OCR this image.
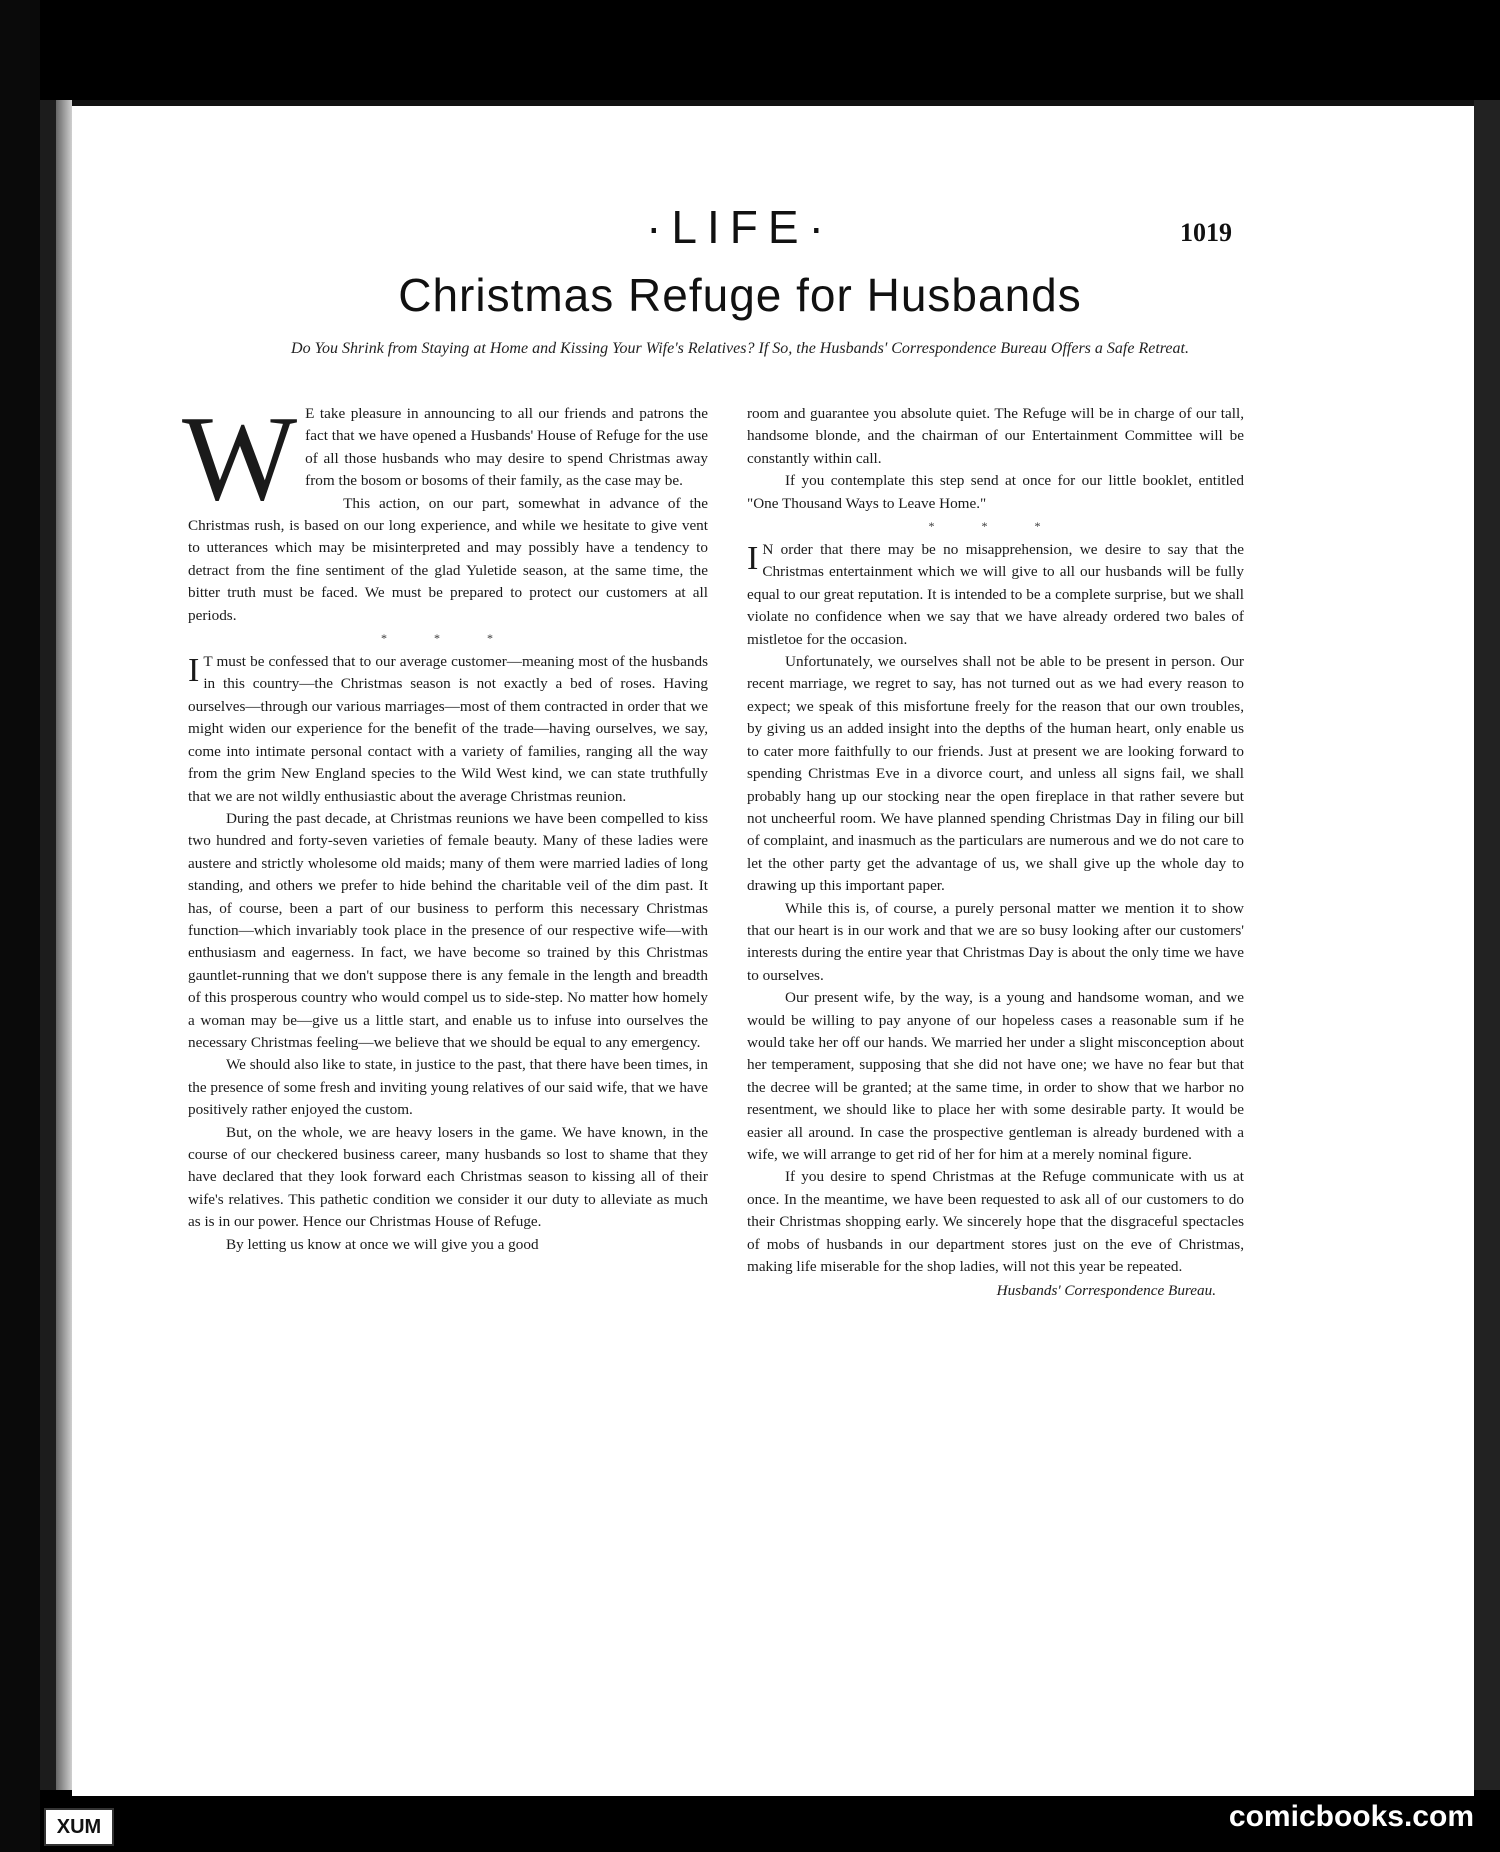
·LIFE·	1019
Christmas Refuge for Husbands
Do You Shrink from Staying at Home and Kissing Your Wife's Relatives? If So, the Husbands' Correspondence Bureau Offers a Safe Retreat.

W E take pleasure in announcing to all our friends and patrons the fact that we have opened a Husbands' House of Refuge for the use of all those husbands who may desire to spend Christmas away from the bosom or bosoms of their family, as the case may be.

This action, on our part, somewhat in advance of the Christmas rush, is based on our long experience, and while we hesitate to give vent to utterances which may be misinterpreted and may possibly have a tendency to detract from the fine sentiment of the glad Yuletide season, at the same time, the bitter truth must be faced. We must be prepared to protect our customers at all periods.

* * *

I T must be confessed that to our average customer—meaning most of the husbands in this country—the Christmas season is not exactly a bed of roses. Having ourselves—through our various marriages—most of them contracted in order that we might widen our experience for the benefit of the trade—having ourselves, we say, come into intimate personal contact with a variety of families, ranging all the way from the grim New England species to the Wild West kind, we can state truthfully that we are not wildly enthusiastic about the average Christmas reunion.

During the past decade, at Christmas reunions we have been compelled to kiss two hundred and forty-seven varieties of female beauty. Many of these ladies were austere and strictly wholesome old maids; many of them were married ladies of long standing, and others we prefer to hide behind the charitable veil of the dim past. It has, of course, been a part of our business to perform this necessary Christmas function—which invariably took place in the presence of our respective wife—with enthusiasm and eagerness. In fact, we have become so trained by this Christmas gauntlet-running that we don't suppose there is any female in the length and breadth of this prosperous country who would compel us to side-step. No matter how homely a woman may be—give us a little start, and enable us to infuse into ourselves the necessary Christmas feeling—we believe that we should be equal to any emergency.

We should also like to state, in justice to the past, that there have been times, in the presence of some fresh and inviting young relatives of our said wife, that we have positively rather enjoyed the custom.

But, on the whole, we are heavy losers in the game. We have known, in the course of our checkered business career, many husbands so lost to shame that they have declared that they look forward each Christmas season to kissing all of their wife's relatives. This pathetic condition we consider it our duty to alleviate as much as is in our power. Hence our Christmas House of Refuge.

By letting us know at once we will give you a good

room and guarantee you absolute quiet. The Refuge will be in charge of our tall, handsome blonde, and the chairman of our Entertainment Committee will be constantly within call.

If you contemplate this step send at once for our little booklet, entitled "One Thousand Ways to Leave Home."

* * *

I N order that there may be no misapprehension, we desire to say that the Christmas entertainment which we will give to all our husbands will be fully equal to our great reputation. It is intended to be a complete surprise, but we shall violate no confidence when we say that we have already ordered two bales of mistletoe for the occasion.

Unfortunately, we ourselves shall not be able to be present in person. Our recent marriage, we regret to say, has not turned out as we had every reason to expect; we speak of this misfortune freely for the reason that our own troubles, by giving us an added insight into the depths of the human heart, only enable us to cater more faithfully to our friends. Just at present we are looking forward to spending Christmas Eve in a divorce court, and unless all signs fail, we shall probably hang up our stocking near the open fireplace in that rather severe but not uncheerful room. We have planned spending Christmas Day in filing our bill of complaint, and inasmuch as the particulars are numerous and we do not care to let the other party get the advantage of us, we shall give up the whole day to drawing up this important paper.

While this is, of course, a purely personal matter we mention it to show that our heart is in our work and that we are so busy looking after our customers' interests during the entire year that Christmas Day is about the only time we have to ourselves.

Our present wife, by the way, is a young and handsome woman, and we would be willing to pay anyone of our hopeless cases a reasonable sum if he would take her off our hands. We married her under a slight misconception about her temperament, supposing that she did not have one; we have no fear but that the decree will be granted; at the same time, in order to show that we harbor no resentment, we should like to place her with some desirable party. It would be easier all around. In case the prospective gentleman is already burdened with a wife, we will arrange to get rid of her for him at a merely nominal figure.

If you desire to spend Christmas at the Refuge communicate with us at once. In the meantime, we have been requested to ask all of our customers to do their Christmas shopping early. We sincerely hope that the disgraceful spectacles of mobs of husbands in our department stores just on the eve of Christmas, making life miserable for the shop ladies, will not this year be repeated.

Husbands' Correspondence Bureau.
XUM	comicbooks.com
